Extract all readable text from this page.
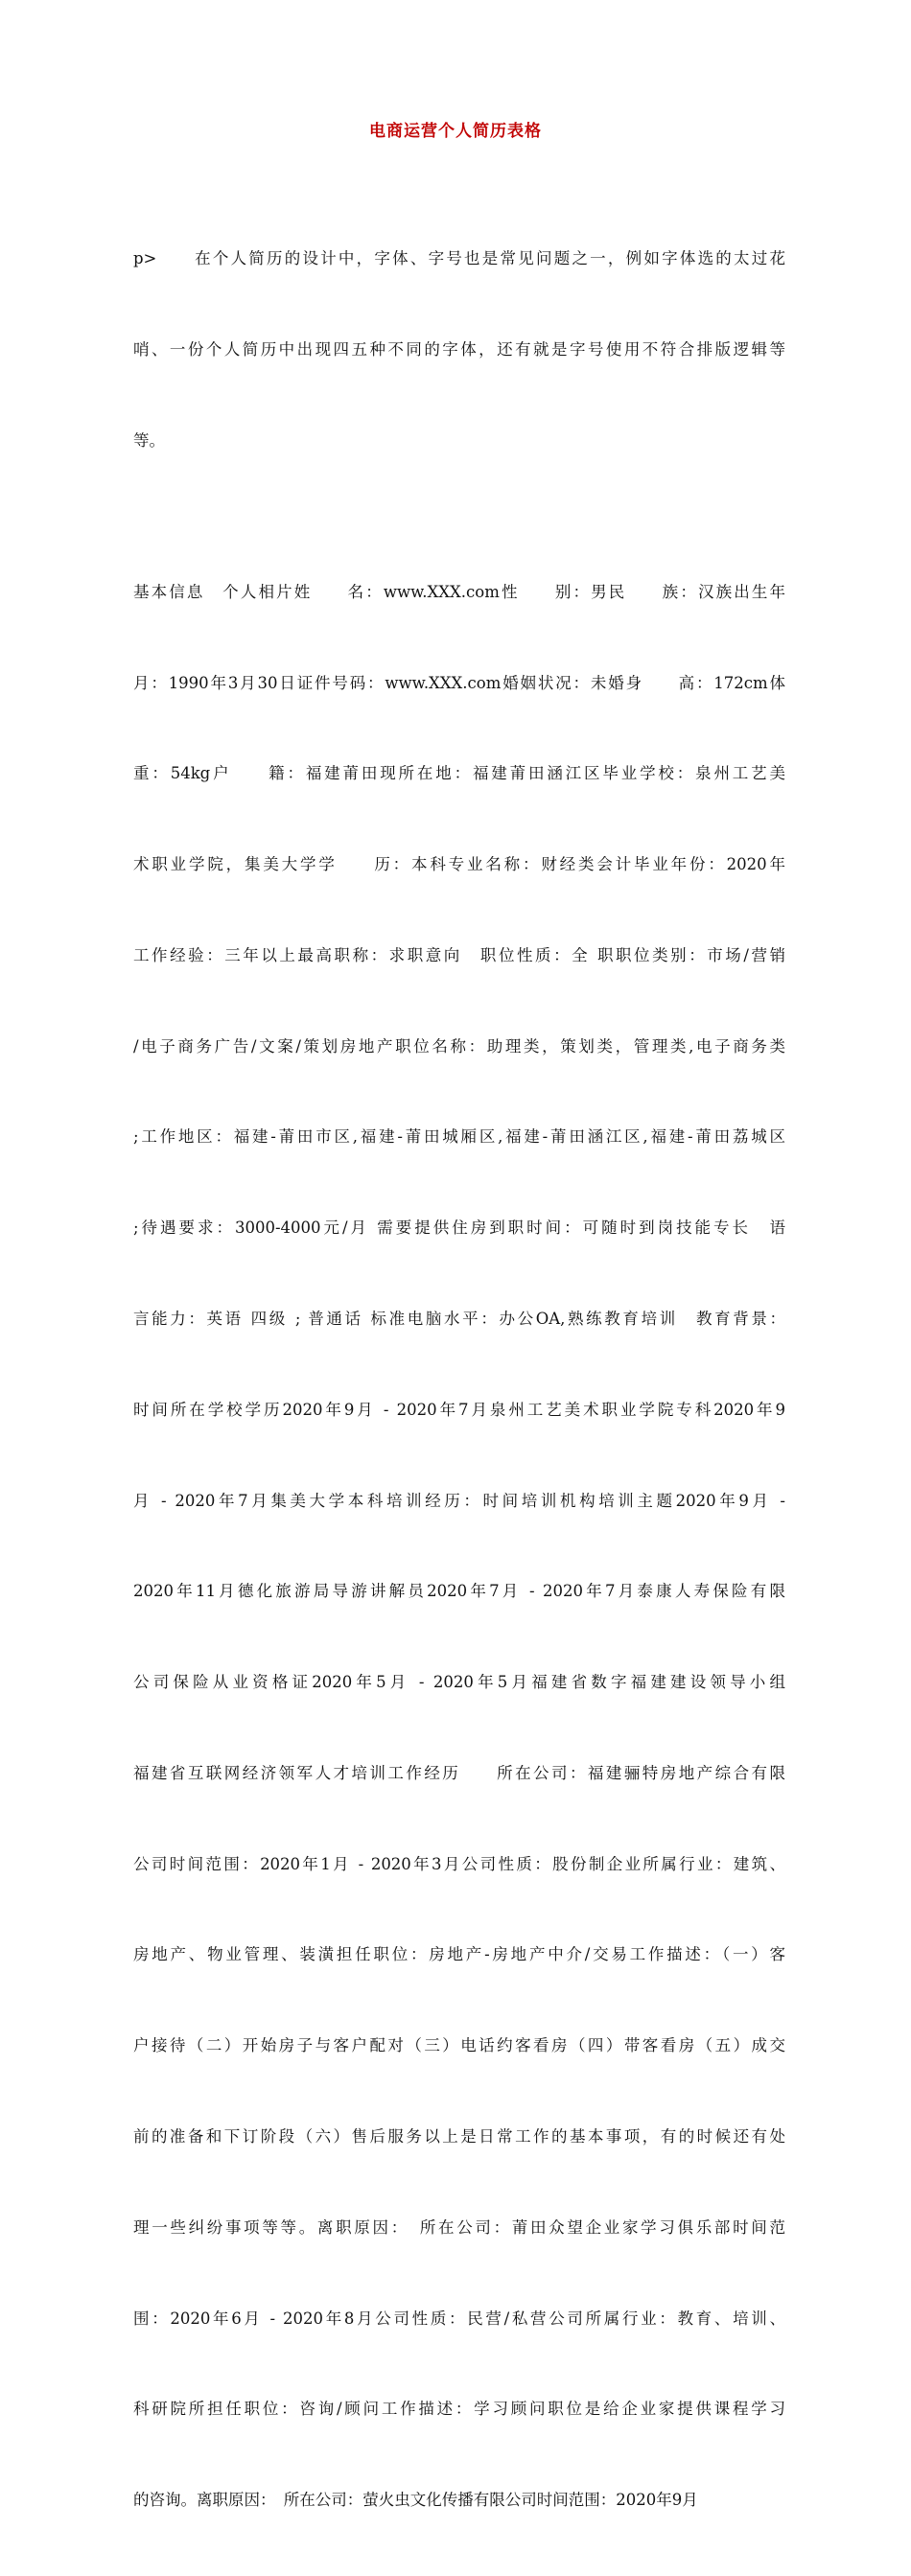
电商运营个人简历表格

p>　　在个人简历的设计中，字体、字号也是常见问题之一，例如字体选的太过花

哨、一份个人简历中出现四五种不同的字体，还有就是字号使用不符合排版逻辑等

等。

基本信息　个人相片姓　　名：www.XXX.com性　　别：男民　　族：汉族出生年

月：1990年3月30日证件号码：www.XXX.com婚姻状况：未婚身　　高：172cm体

重：54kg户　　籍：福建莆田现所在地：福建莆田涵江区毕业学校：泉州工艺美

术职业学院，集美大学学　　历：本科专业名称：财经类会计毕业年份：2020年

工作经验：三年以上最高职称：求职意向　职位性质：全 职职位类别：市场/营销

/电子商务广告/文案/策划房地产职位名称：助理类，策划类，管理类,电子商务类

;工作地区：福建-莆田市区,福建-莆田城厢区,福建-莆田涵江区,福建-莆田荔城区

;待遇要求：3000-4000元/月 需要提供住房到职时间：可随时到岗技能专长　语

言能力：英语 四级 ; 普通话 标准电脑水平：办公OA,熟练教育培训　教育背景：

时间所在学校学历2020年9月 - 2020年7月泉州工艺美术职业学院专科2020年9

月 - 2020年7月集美大学本科培训经历：时间培训机构培训主题2020年9月 -

2020年11月德化旅游局导游讲解员2020年7月 - 2020年7月泰康人寿保险有限

公司保险从业资格证2020年5月 - 2020年5月福建省数字福建建设领导小组

福建省互联网经济领军人才培训工作经历　　所在公司：福建骊特房地产综合有限

公司时间范围：2020年1月 - 2020年3月公司性质：股份制企业所属行业：建筑、

房地产、物业管理、装潢担任职位：房地产-房地产中介/交易工作描述：（一）客

户接待（二）开始房子与客户配对（三）电话约客看房（四）带客看房（五）成交

前的准备和下订阶段（六）售后服务以上是日常工作的基本事项，有的时候还有处

理一些纠纷事项等等。离职原因：　所在公司：莆田众望企业家学习俱乐部时间范

围：2020年6月 - 2020年8月公司性质：民营/私营公司所属行业：教育、培训、

科研院所担任职位：咨询/顾问工作描述：学习顾问职位是给企业家提供课程学习

的咨询。离职原因：　所在公司：萤火虫文化传播有限公司时间范围：2020年9月
